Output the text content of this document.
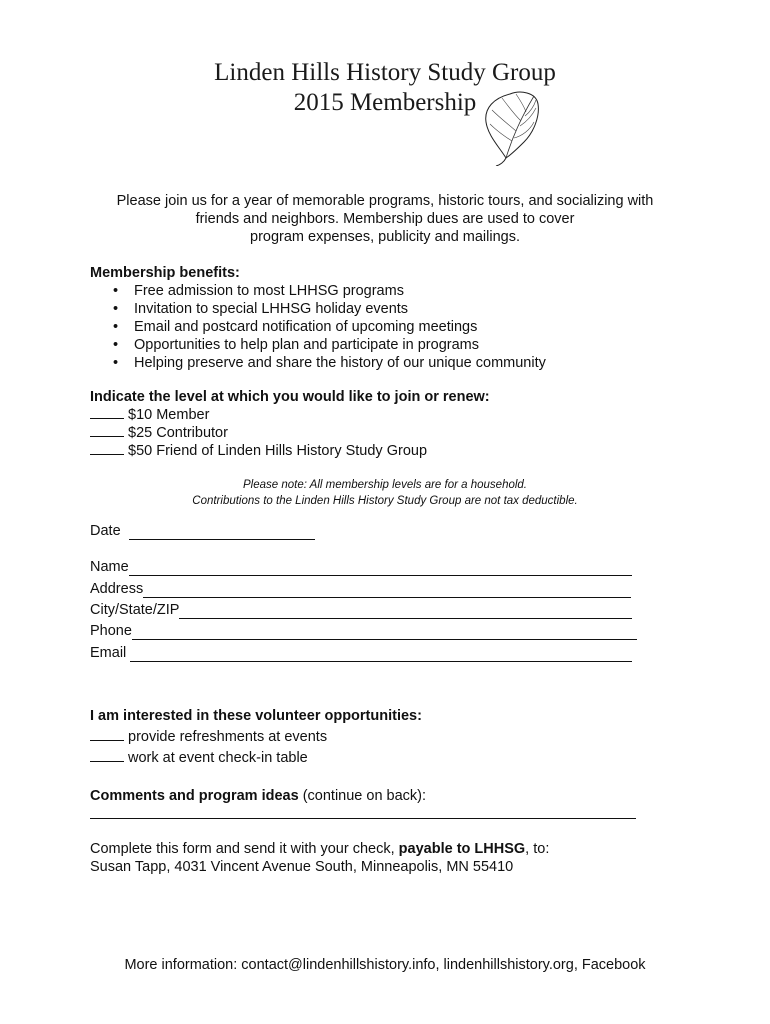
Linden Hills History Study Group
2015 Membership
Please join us for a year of memorable programs, historic tours, and socializing with
friends and neighbors. Membership dues are used to cover
program expenses, publicity and mailings.
Membership benefits:
• Free admission to most LHHSG programs
• Invitation to special LHHSG holiday events
• Email and postcard notification of upcoming meetings
• Opportunities to help plan and participate in programs
• Helping preserve and share the history of our unique community
Indicate the level at which you would like to join or renew:
$10 Member
$25 Contributor
$50 Friend of Linden Hills History Study Group
Please note: All membership levels are for a household.
Contributions to the Linden Hills History Study Group are not tax deductible.
Date
Name
Address
City/State/ZIP
Phone
Email
I am interested in these volunteer opportunities:
provide refreshments at events
work at event check-in table
Comments and program ideas (continue on back):
Complete this form and send it with your check, payable to LHHSG, to:
Susan Tapp, 4031 Vincent Avenue South, Minneapolis, MN 55410
More information: contact@lindenhillshistory.info, lindenhillshistory.org, Facebook
